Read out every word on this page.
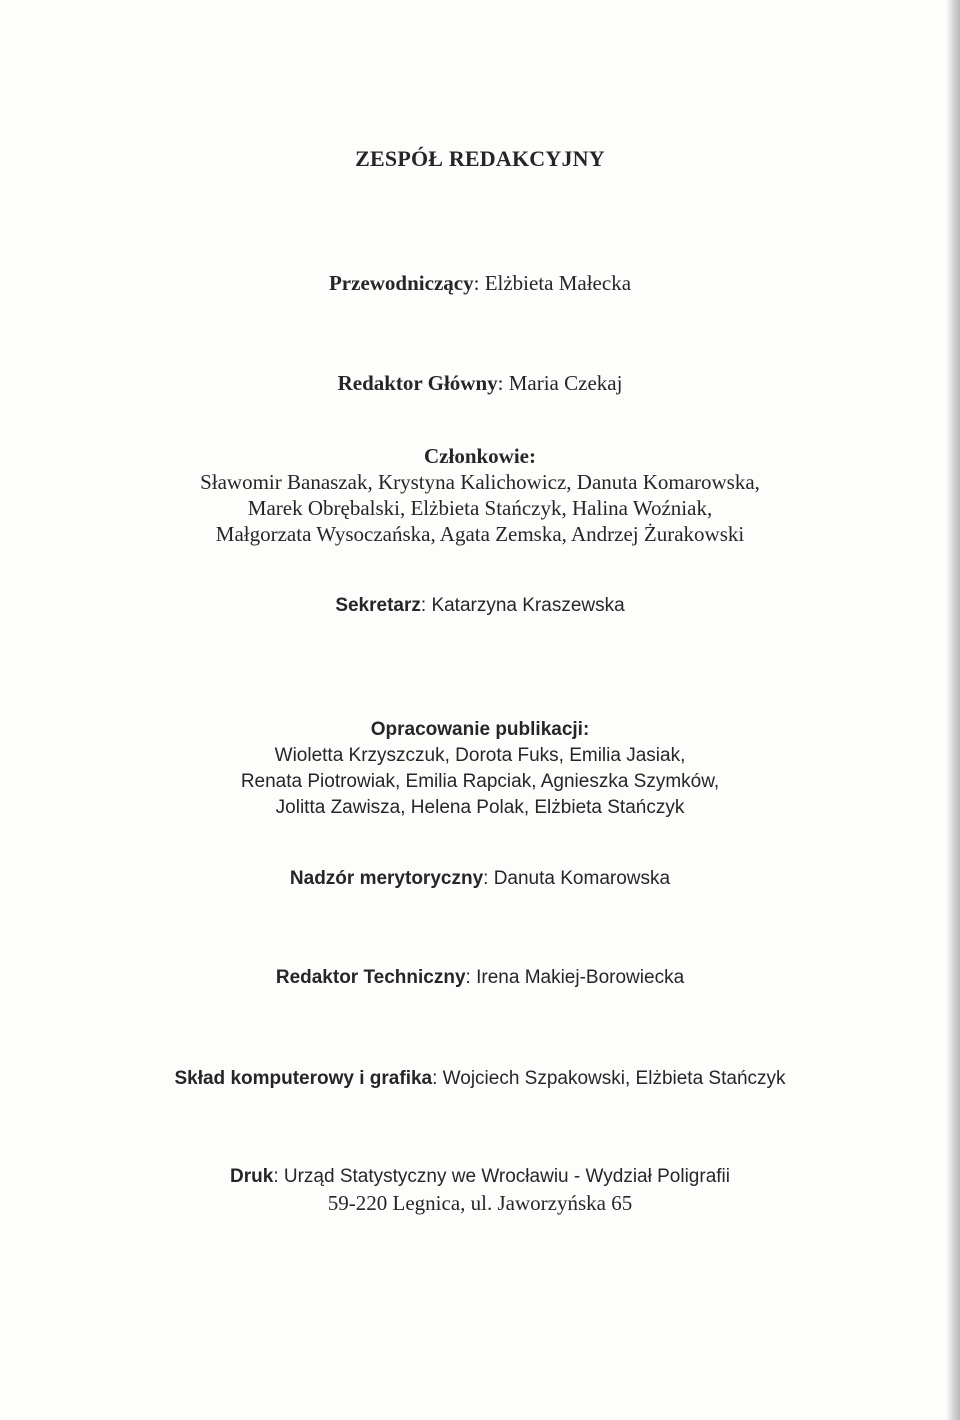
ZESPÓŁ REDAKCYJNY
Przewodniczący: Elżbieta Małecka
Redaktor Główny: Maria Czekaj
Członkowie:
Sławomir Banaszak, Krystyna Kalichowicz, Danuta Komarowska,
Marek Obrębalski, Elżbieta Stańczyk, Halina Woźniak,
Małgorzata Wysoczańska, Agata Zemska, Andrzej Żurakowski
Sekretarz: Katarzyna Kraszewska
Opracowanie publikacji:
Wioletta Krzyszczuk, Dorota Fuks, Emilia Jasiak,
Renata Piotrowiak, Emilia Rapciak, Agnieszka Szymków,
Jolitta Zawisza, Helena Polak, Elżbieta Stańczyk
Nadzór merytoryczny: Danuta Komarowska
Redaktor Techniczny: Irena Makiej-Borowiecka
Skład komputerowy i grafika: Wojciech Szpakowski, Elżbieta Stańczyk
Druk: Urząd Statystyczny we Wrocławiu - Wydział Poligrafii
59-220 Legnica, ul. Jaworzyńska 65
